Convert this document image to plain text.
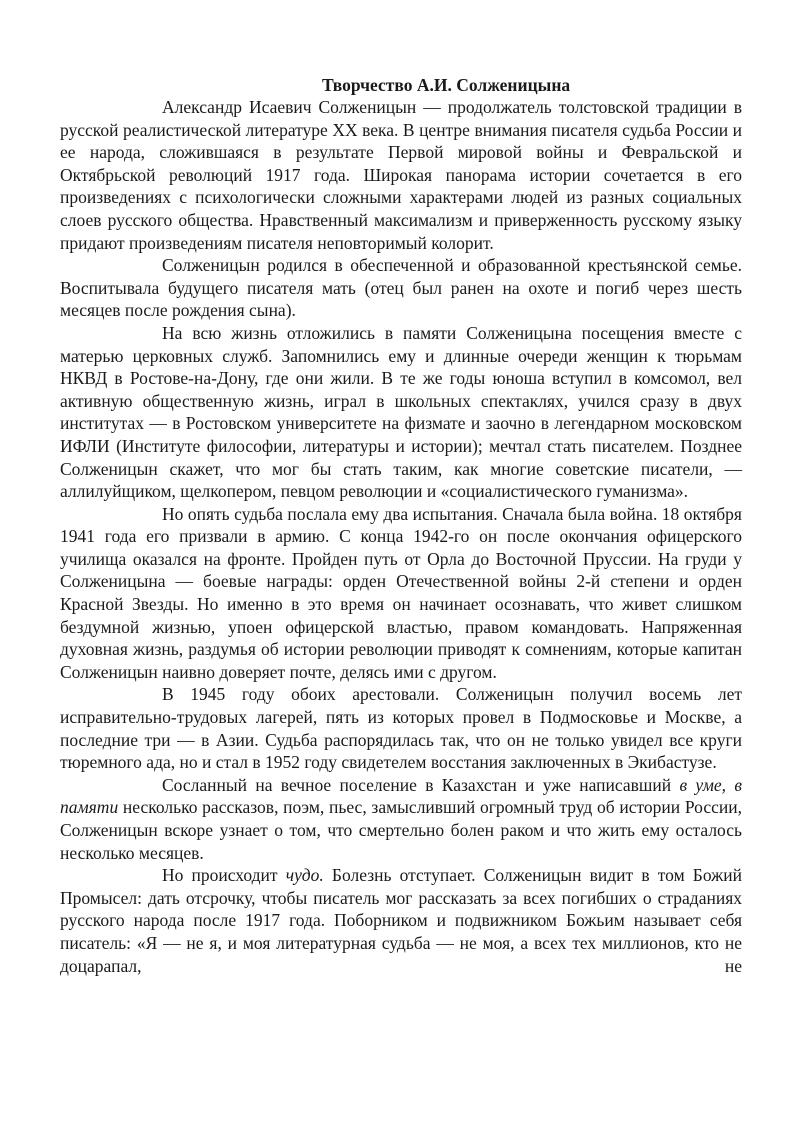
Творчество А.И. Солженицына

Александр Исаевич Солженицын — продолжатель толстовской традиции в русской реалистической литературе XX века. В центре внимания писателя судьба России и ее народа, сложившаяся в результате Первой мировой войны и Февральской и Октябрьской революций 1917 года. Широкая панорама истории сочетается в его произведениях с психологически сложными характерами людей из разных социальных слоев русского общества. Нравственный максимализм и приверженность русскому языку придают произведениям писателя неповторимый колорит.

Солженицын родился в обеспеченной и образованной крестьянской семье. Воспитывала будущего писателя мать (отец был ранен на охоте и погиб через шесть месяцев после рождения сына).

На всю жизнь отложились в памяти Солженицына посещения вместе с матерью церковных служб. Запомнились ему и длинные очереди женщин к тюрьмам НКВД в Ростове-на-Дону, где они жили. В те же годы юноша вступил в комсомол, вел активную общественную жизнь, играл в школьных спектаклях, учился сразу в двух институтах — в Ростовском университете на физмате и заочно в легендарном московском ИФЛИ (Институте философии, литературы и истории); мечтал стать писателем. Позднее Солженицын скажет, что мог бы стать таким, как многие советские писатели, — аллилуйщиком, щелкопером, певцом революции и «социалистического гуманизма».

Но опять судьба послала ему два испытания. Сначала была война. 18 октября 1941 года его призвали в армию. С конца 1942-го он после окончания офицерского училища оказался на фронте. Пройден путь от Орла до Восточной Пруссии. На груди у Солженицына — боевые награды: орден Отечественной войны 2-й степени и орден Красной Звезды. Но именно в это время он начинает осознавать, что живет слишком бездумной жизнью, упоен офицерской властью, правом командовать. Напряженная духовная жизнь, раздумья об истории революции приводят к сомнениям, которые капитан Солженицын наивно доверяет почте, делясь ими с другом.

В 1945 году обоих арестовали. Солженицын получил восемь лет исправительно-трудовых лагерей, пять из которых провел в Подмосковье и Москве, а последние три — в Азии. Судьба распорядилась так, что он не только увидел все круги тюремного ада, но и стал в 1952 году свидетелем восстания заключенных в Экибастузе.

Сосланный на вечное поселение в Казахстан и уже написавший в уме, в памяти несколько рассказов, поэм, пьес, замысливший огромный труд об истории России, Солженицын вскоре узнает о том, что смертельно болен раком и что жить ему осталось несколько месяцев.

Но происходит чудо. Болезнь отступает. Солженицын видит в том Божий Промысел: дать отсрочку, чтобы писатель мог рассказать за всех погибших о страданиях русского народа после 1917 года. Поборником и подвижником Божьим называет себя писатель: «Я — не я, и моя литературная судьба — не моя, а всех тех миллионов, кто не доцарапал, не
